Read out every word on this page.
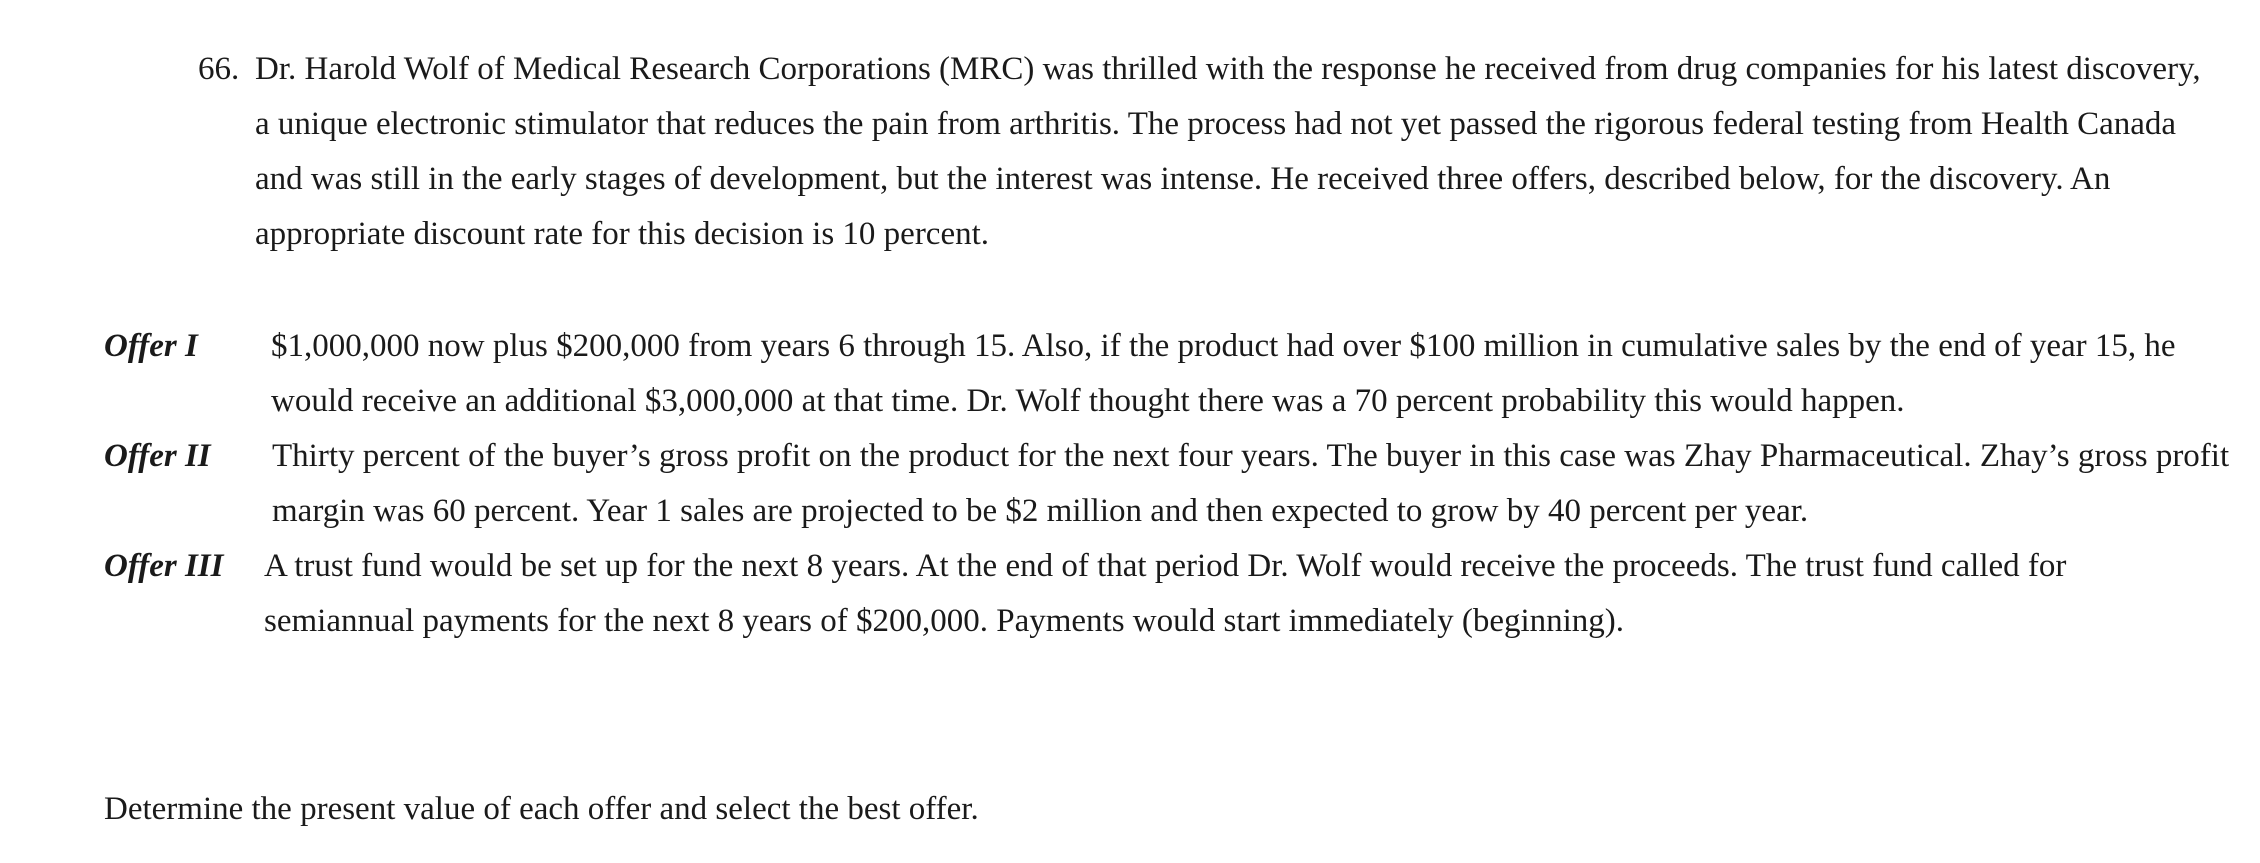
66. Dr. Harold Wolf of Medical Research Corporations (MRC) was thrilled with the response he received from drug companies for his latest discovery, a unique electronic stimulator that reduces the pain from arthritis. The process had not yet passed the rigorous federal testing from Health Canada and was still in the early stages of development, but the interest was intense. He received three offers, described below, for the discovery. An appropriate discount rate for this decision is 10 percent.
Offer I $1,000,000 now plus $200,000 from years 6 through 15. Also, if the product had over $100 million in cumulative sales by the end of year 15, he would receive an additional $3,000,000 at that time. Dr. Wolf thought there was a 70 percent probability this would happen.
Offer II Thirty percent of the buyer’s gross profit on the product for the next four years. The buyer in this case was Zhay Pharmaceutical. Zhay’s gross profit margin was 60 percent. Year 1 sales are projected to be $2 million and then expected to grow by 40 percent per year.
Offer III A trust fund would be set up for the next 8 years. At the end of that period Dr. Wolf would receive the proceeds. The trust fund called for semiannual payments for the next 8 years of $200,000. Payments would start immediately (beginning).
Determine the present value of each offer and select the best offer.
